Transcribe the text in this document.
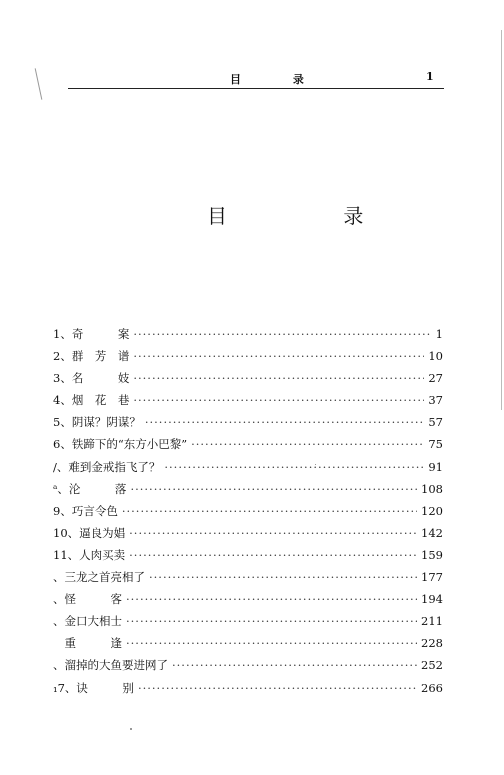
目 录	1
目 录
1、奇　　　案 ·····	1
2、群　芳　谱 ·····	10
3、名　　　妓 ·····	27
4、烟　花　巷 ·····	37
5、阴谋？阴谋？ ·····	57
6、铁蹄下的“东方小巴黎” ·····	75
/、难到金戒指飞了？ ·····	91
ᵃ、沦　　　落 ·····	108
9、巧言令色 ·····	120
10、逼良为娼 ·····	142
11、人肉买卖 ·····	159
、三龙之首亮相了 ·····	177
、怪　　　客 ·····	194
、金口大相士 ·····	211
　重　　　逢 ·····	228
、溜掉的大鱼要进网了 ·····	252
₁7、诀　　　别 ·····	266
